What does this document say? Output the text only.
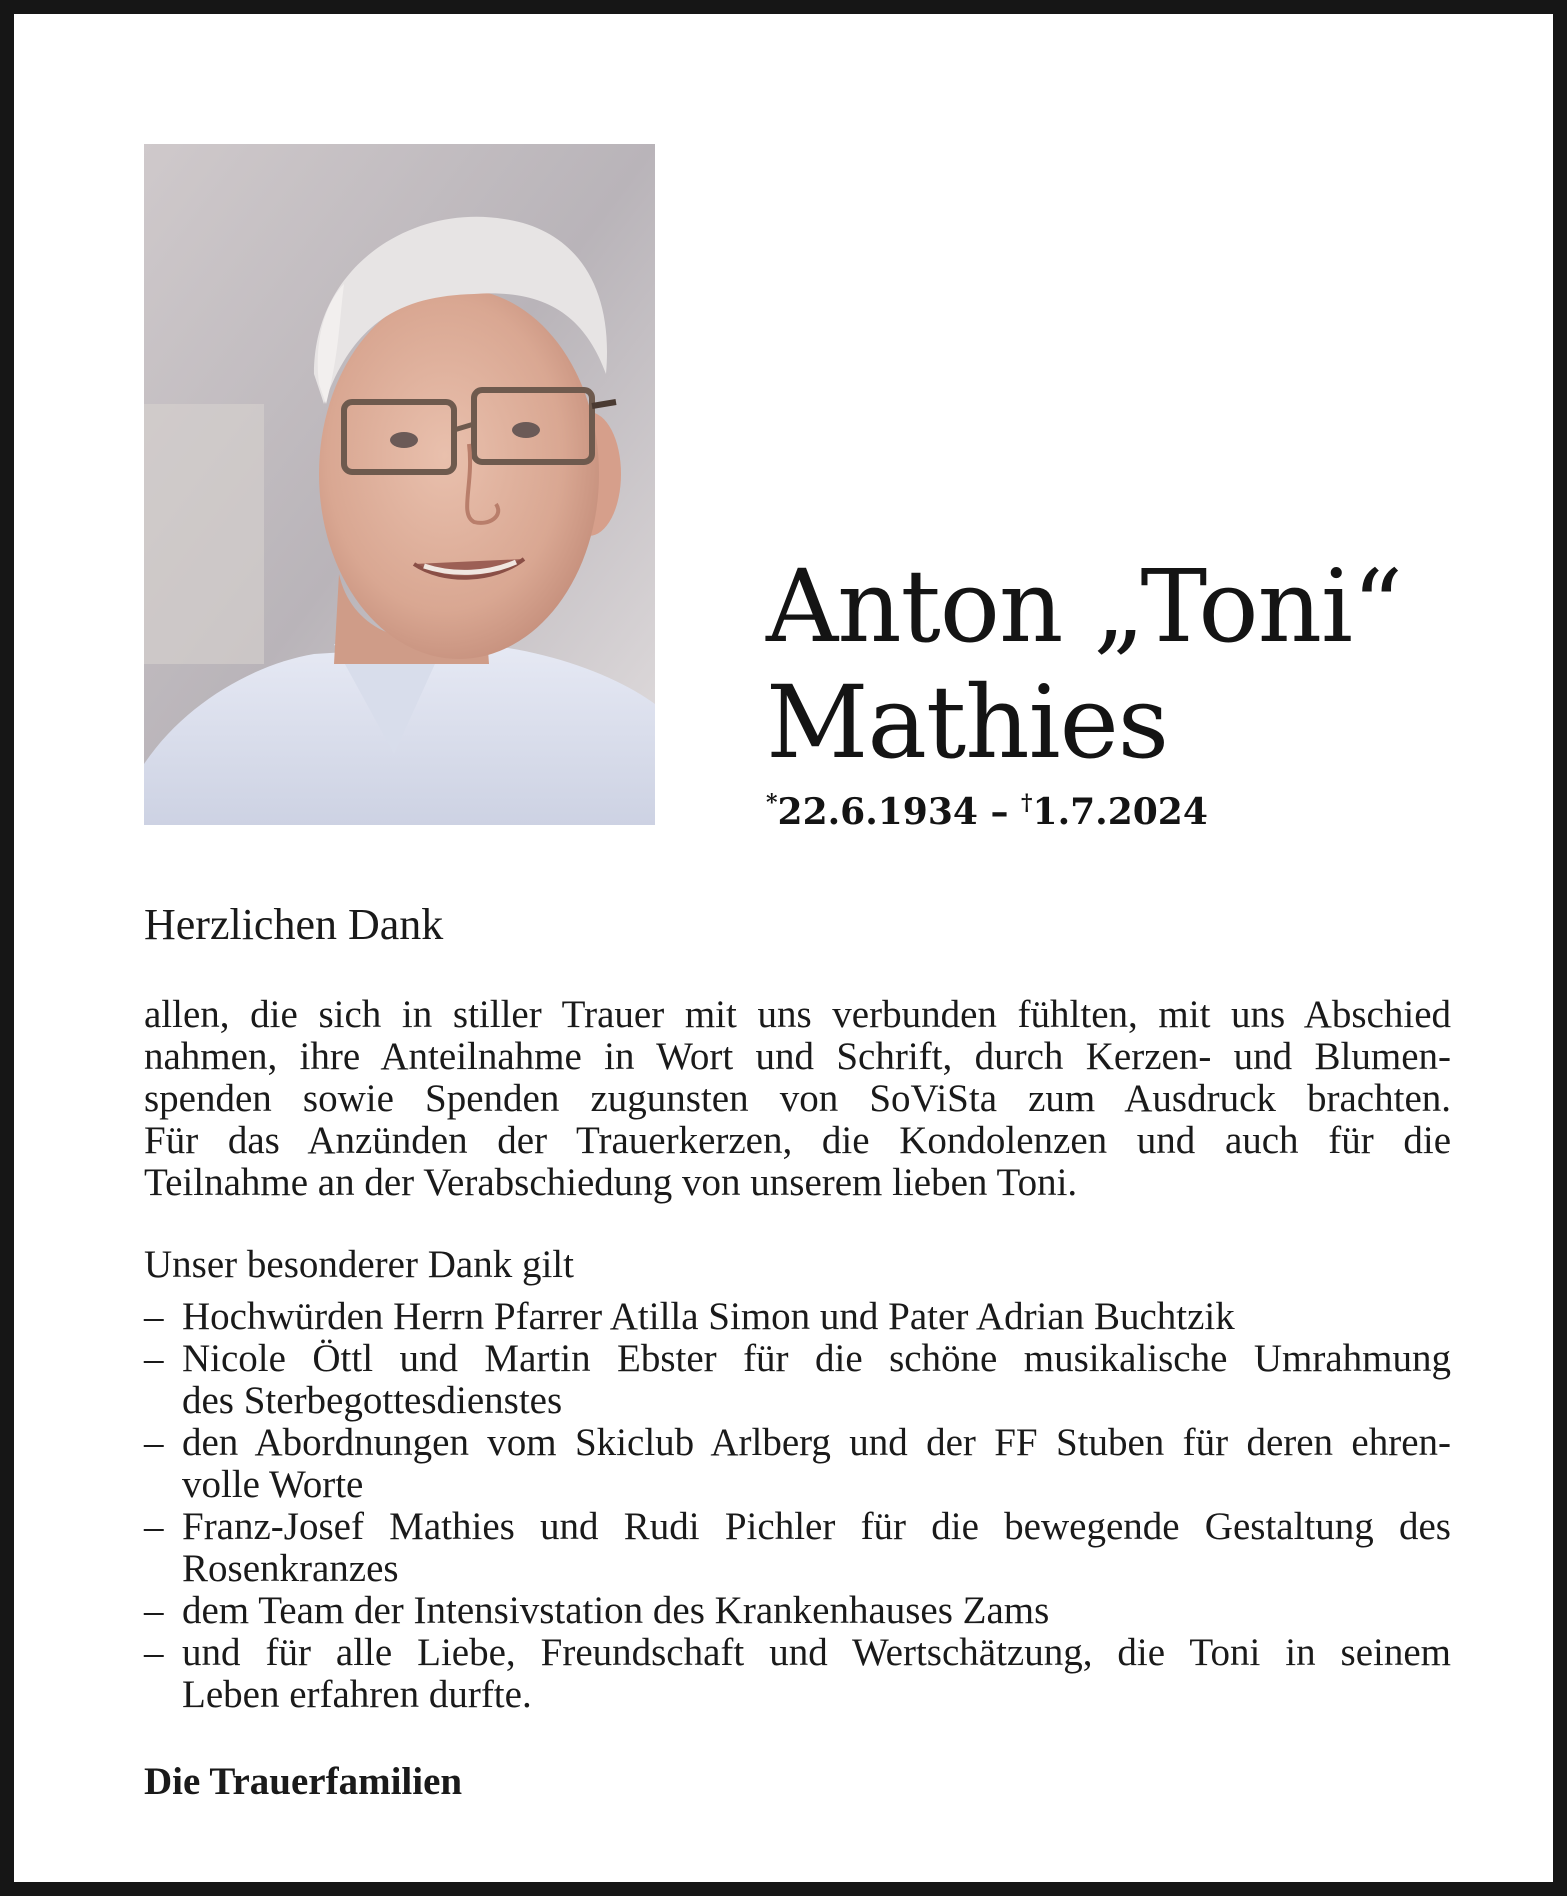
Anton „Toni“
Mathies
*22.6.1934 – †1.7.2024
Herzlichen Dank
allen, die sich in stiller Trauer mit uns verbunden fühlten, mit uns Abschied
nahmen, ihre Anteilnahme in Wort und Schrift, durch Kerzen- und Blumen-
spenden sowie Spenden zugunsten von SoViSta zum Ausdruck brachten.
Für das Anzünden der Trauerkerzen, die Kondolenzen und auch für die
Teilnahme an der Verabschiedung von unserem lieben Toni.
Unser besonderer Dank gilt
– Hochwürden Herrn Pfarrer Atilla Simon und Pater Adrian Buchtzik
– Nicole Öttl und Martin Ebster für die schöne musikalische Umrahmung
des Sterbegottesdienstes
– den Abordnungen vom Skiclub Arlberg und der FF Stuben für deren ehren-
volle Worte
– Franz-Josef Mathies und Rudi Pichler für die bewegende Gestaltung des
Rosenkranzes
– dem Team der Intensivstation des Krankenhauses Zams
– und für alle Liebe, Freundschaft und Wertschätzung, die Toni in seinem
Leben erfahren durfte.
Die Trauerfamilien
